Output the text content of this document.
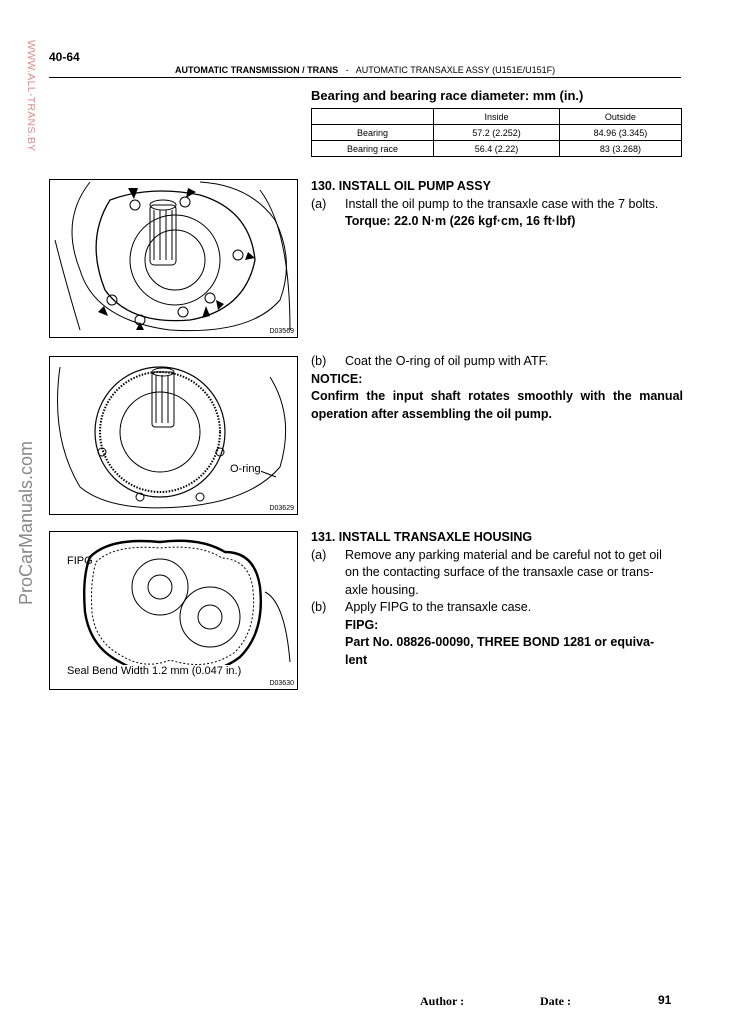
40-64
AUTOMATIC TRANSMISSION / TRANS - AUTOMATIC TRANSAXLE ASSY (U151E/U151F)
WWW.ALL-TRANS.BY
ProCarManuals.com
Bearing and bearing race diameter: mm (in.)
	Inside	Outside
Bearing	57.2 (2.252)	84.96 (3.345)
Bearing race	56.4 (2.22)	83 (3.268)
D03569
130. INSTALL OIL PUMP ASSY
(a) Install the oil pump to the transaxle case with the 7 bolts.
Torque: 22.0 N·m (226 kgf·cm, 16 ft·lbf)
O-ring
D03629
(b) Coat the O-ring of oil pump with ATF.
NOTICE:
Confirm the input shaft rotates smoothly with the manual operation after assembling the oil pump.
FIPG
Seal Bend Width 1.2 mm (0.047 in.)
D03630
131. INSTALL TRANSAXLE HOUSING
(a) Remove any parking material and be careful not to get oil
on the contacting surface of the transaxle case or trans-
axle housing.
(b) Apply FIPG to the transaxle case.
FIPG:
Part No. 08826-00090, THREE BOND 1281 or equiva-
lent
Author :	Date :	91
